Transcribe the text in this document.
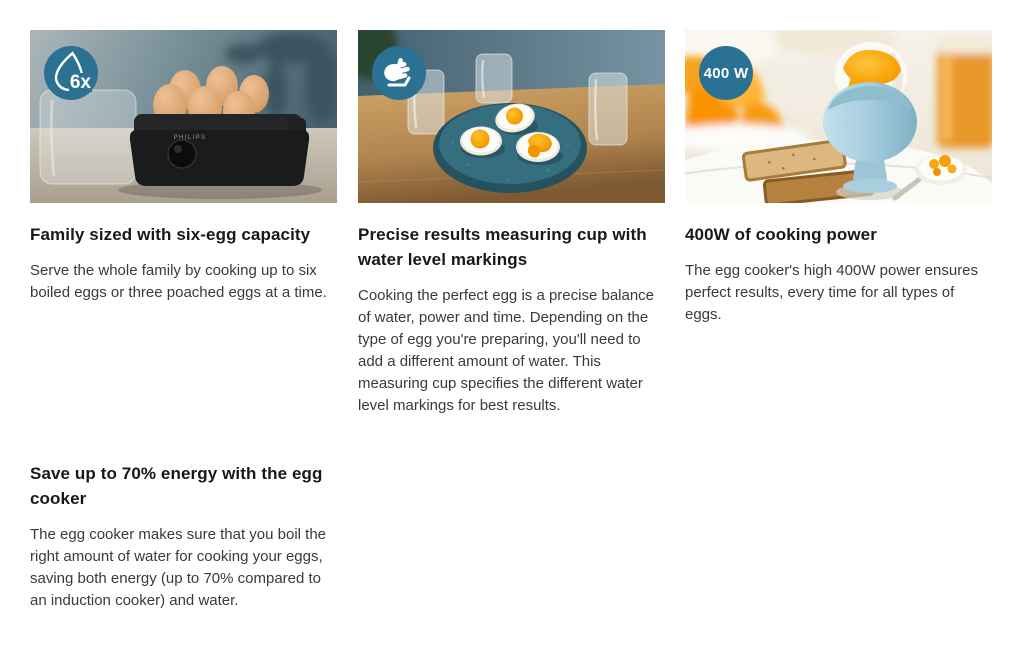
PHILIPS
6x
Family sized with six-egg capacity

Serve the whole family by cooking up to six boiled eggs or three poached eggs at a time.

Precise results measuring cup with water level markings

Cooking the perfect egg is a precise balance of water, power and time. Depending on the type of egg you're preparing, you'll need to add a different amount of water. This measuring cup specifies the different water level markings for best results.

400 W
400W of cooking power

The egg cooker's high 400W power ensures perfect results, every time for all types of eggs.

Save up to 70% energy with the egg cooker

The egg cooker makes sure that you boil the right amount of water for cooking your eggs, saving both energy (up to 70% compared to an induction cooker) and water.
